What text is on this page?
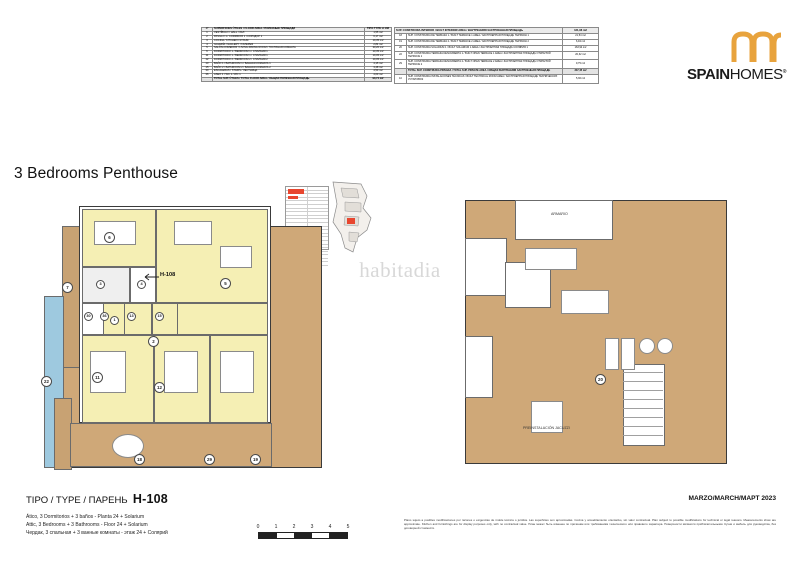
nº	SUPERFICIES ÚTILES / FLOOR AREA / ПОЛЕЗНЫЕ ПЛОЩАДИ	TIPO TYPE H 108
1	VESTÍBULO / HALL / ЗАЛ	1,55 m2
2	PASILLO 1 / CORRIDOR 1 / КОРИДОР 1	6,17 m2
3	COCINA / KITCHEN / КУХНЯ	10,35 m2
4	GALERÍA / GALLERY / ГАЛЕРЕЯ	2,84 m2
5	SALÓN-COMEDOR / LIVING-DINING ROOM / ГОСТИНАЯ КОМНАТА	30,20 m2
6	DORMITORIO 1 / BEDROOM 1 / СПАЛЬНЯ 1	13,35 m2
11	DORMITORIO 1 / BEDROOM 1 / СПАЛЬНЯ 1	10,05 m2
12	DORMITORIO 2 / BEDROOM 2 / СПАЛЬНЯ 2	10,05 m2
13	BAÑO 1 / BATHROOM 1 / ВАННАЯ КОМНАТА 1	4,15 m2
15	BAÑO 2 / BATHROOM 2 / ВАННАЯ КОМНАТА 2	3,48 m2
30	ESCALERAS / STAIRS / ЛЕСТНИЦА	4,50 m2
36	ASEO 1 / WC 1 / WC 1	4,00 m2
	TOTAL SUP. ÚTILES / TOTAL FLOOR AREA / ОБЩАЯ ПОЛЕЗНАЯ ПЛОЩАДЬ	90,74 m2
SUP. CONSTRUIDA INTERIOR / BUILT INTERIOR AREA / ВНУТРЕННЯЯ ЗАСТРОЕННАЯ ПЛОЩАДЬ		121,96 m2
18	SUP. CONSTRUIDA DE TERRAZA 1 / BUILT TERRACE 1 AREA / ЗАСТРОЕННАЯ ПЛОЩАДЬ ТЕРРАСЫ 1	21,54 m2
19	SUP. CONSTRUIDA DE TERRAZA 2 / BUILT TERRACE 2 AREA / ЗАСТРОЕННАЯ ПЛОЩАДЬ ТЕРРАСЫ 2	6,94 m2
20	SUP. CONSTRUIDA SOLARIUM 1 / BUILT SOLARIUM 1 AREA / ЗАСТРОЕННАЯ ПЛОЩАДЬ СОЛЯРИЯ 1	163,94 m2
22	SUP. CONSTRUIDA TERRAZA DESCUBIERTA 1 / BUILT OPEN TERRACE 1 AREA / ЗАСТРОЕННАЯ ПЛОЩАДЬ ОТКРЫТОЙ ТЕРРАСЫ 1	20,32 m2
29	SUP. CONSTRUIDA TERRAZA DESCUBIERTA 2 / BUILT OPEN TERRACE 2 AREA / ЗАСТРОЕННАЯ ПЛОЩАДЬ ОТКРЫТОЙ ТЕРРАСЫ 2	9,75 m2
	TOTAL SUP. CONSTRUIDA PRIVADA / TOTAL SUP. PRIVATE AREA / ОБЩАЯ ВНУТРЕННЯЯ ЗАСТРОЕННАЯ ПЛОЩАДЬ	347,45 m2
10	SUP. CONSTRUIDA INSTALACIONES TÉCNICAS / BUILT TECHNICAL ROOM AREA / ЗАСТРОЕННАЯ ПЛОЩАДЬ ТЕХНИЧЕСКИХ УСТАНОВОК	5,36 m2	SPAINHOMES®
3 Bedrooms Penthouse
habitadia
6
7
5
3	4
1
2
30	13
36	15
11
12
18	29	19
22
H-108
ARMARIO
PREINSTALACIÓN JACUZZI
20
TIPO / TYPE / ПАРЕНЬ H-108
Ático, 3 Dormitorios + 3 baños - Planta 24 + Solarium
Attic, 3 Bedrooms + 3 Bathrooms - Floor 24 + Solarium
Чердак, 3 спальная + 3 ванные комнаты - этаж 24 + Солярий
MARZO/MARCH/МАРТ 2023
Plano sujeto a posibles modificaciones por razones o exigencias de índole técnica o jurídica. Las superficies son aproximadas. Cocina y amueblamiento orientativo, sin valor contractual. Plan subject to possible modifications for technical or legal reasons. Measurements show are approximate. Kitchen and furnishings are for display purposes only, with no contractual value. План может быть изменен по причинам или требованиям технического или правового характера. Поверхности являются приблизительными. Кухня и мебель для руководства, без договорной стоимости.
0	1	2	3	4	5
